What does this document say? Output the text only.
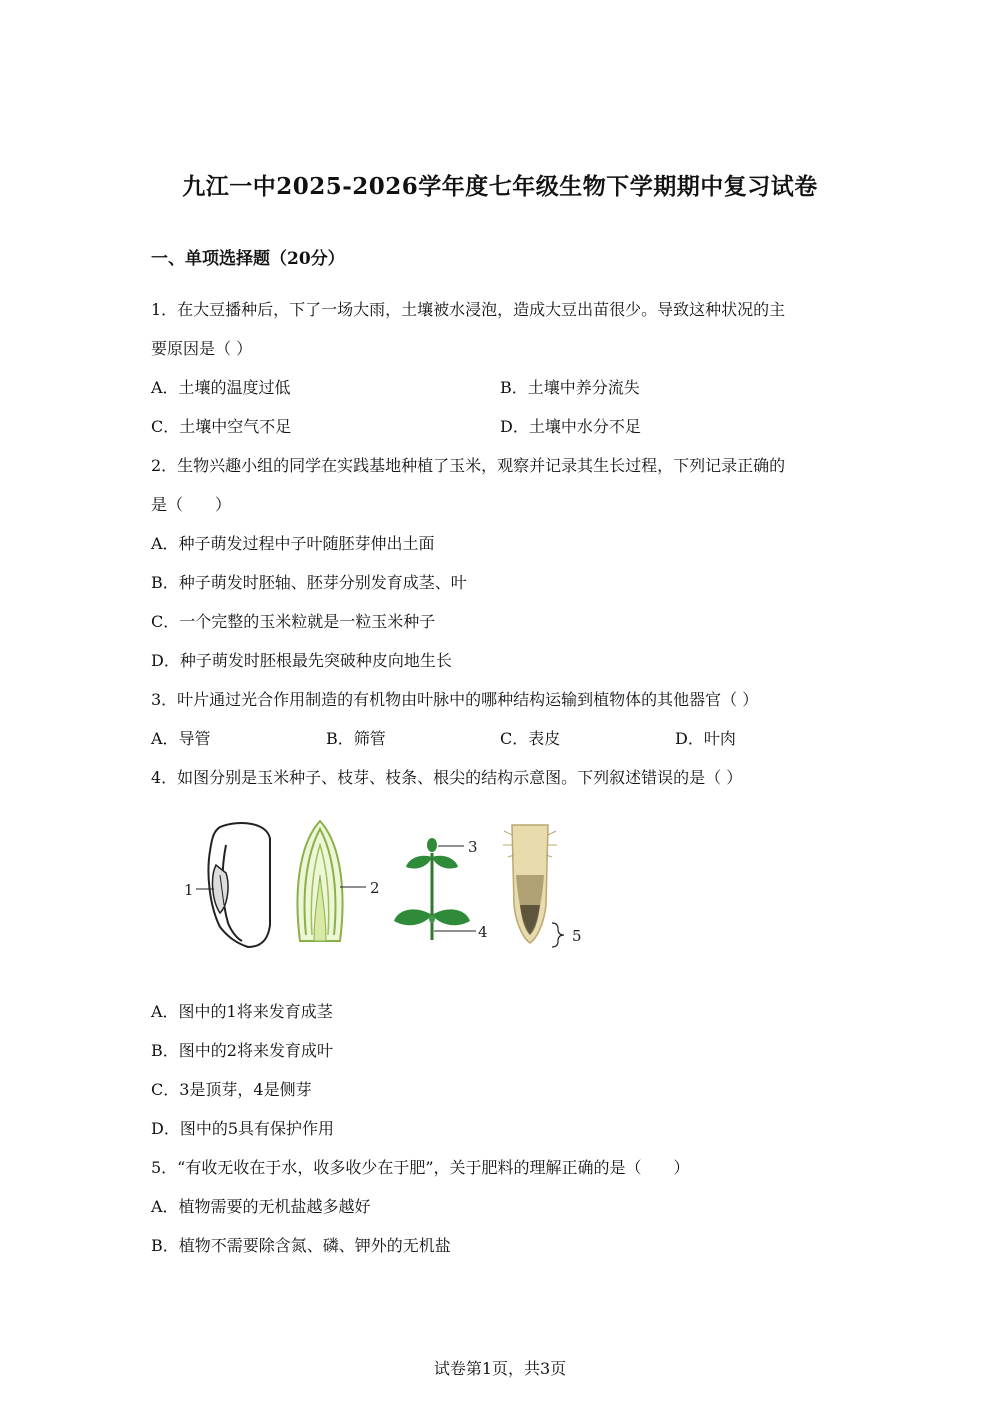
九江一中2025-2026学年度七年级生物下学期期中复习试卷
一、单项选择题（20分）
1．在大豆播种后，下了一场大雨，土壤被水浸泡，造成大豆出苗很少。导致这种状况的主
要原因是（ ）
A．土壤的温度过低	B．土壤中养分流失
C．土壤中空气不足	D．土壤中水分不足
2．生物兴趣小组的同学在实践基地种植了玉米，观察并记录其生长过程，下列记录正确的
是（　　）
A．种子萌发过程中子叶随胚芽伸出土面
B．种子萌发时胚轴、胚芽分别发育成茎、叶
C．一个完整的玉米粒就是一粒玉米种子
D．种子萌发时胚根最先突破种皮向地生长
3．叶片通过光合作用制造的有机物由叶脉中的哪种结构运输到植物体的其他器官（ ）
A．导管	B．筛管	C．表皮	D．叶肉
4．如图分别是玉米种子、枝芽、枝条、根尖的结构示意图。下列叙述错误的是（ ）
1	2
3
4	5
A．图中的1将来发育成茎
B．图中的2将来发育成叶
C．3是顶芽，4是侧芽
D．图中的5具有保护作用
5．“有收无收在于水，收多收少在于肥”，关于肥料的理解正确的是（　　）
A．植物需要的无机盐越多越好
B．植物不需要除含氮、磷、钾外的无机盐
试卷第1页，共3页
